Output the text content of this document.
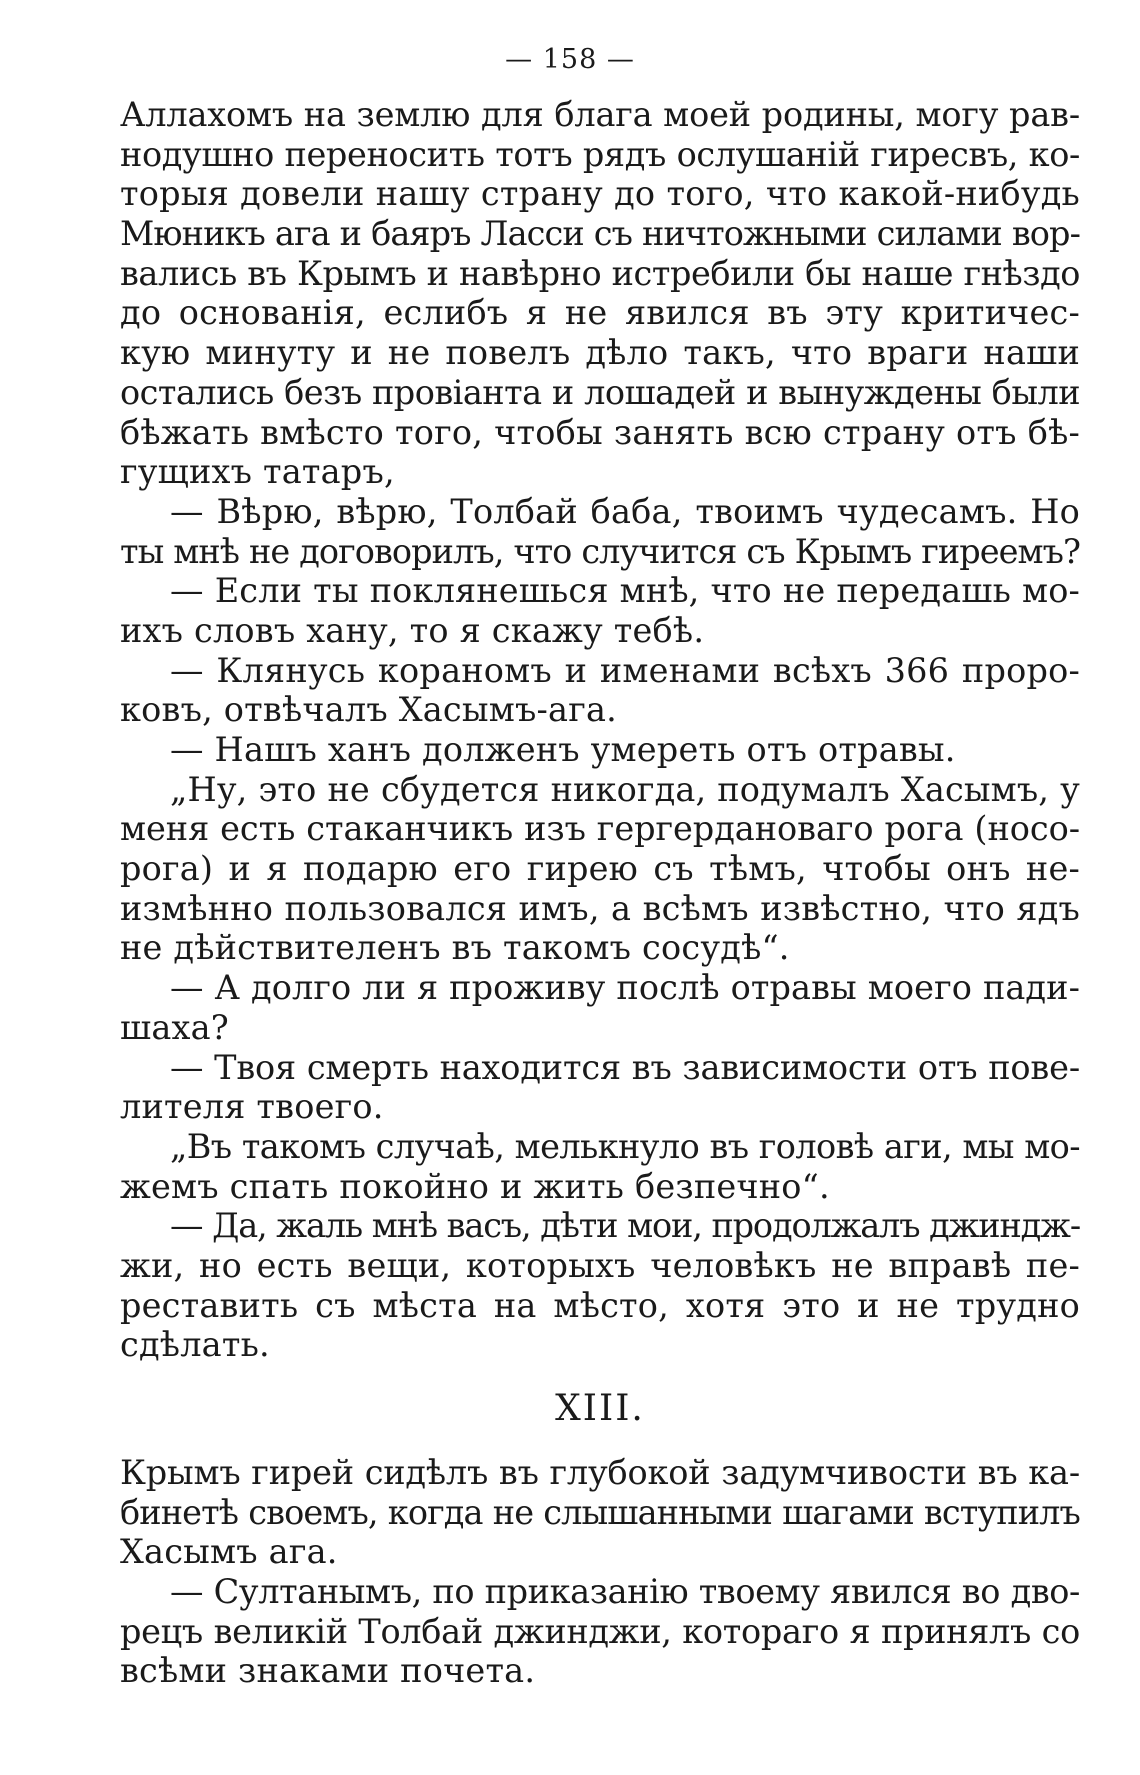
— 158 —
Аллахомъ на землю для блага моей родины, могу рав-
нодушно переносить тотъ рядъ ослушаній гиресвъ, ко-
торыя довели нашу страну до того, что какой-нибудь
Мюникъ ага и баяръ Ласси съ ничтожными силами вор-
вались въ Крымъ и навѣрно истребили бы наше гнѣздо
до основанія, еслибъ я не явился въ эту критичес-
кую минуту и не повелъ дѣло такъ, что враги наши
остались безъ провіанта и лошадей и вынуждены были
бѣжать вмѣсто того, чтобы занять всю страну отъ бѣ-
гущихъ татаръ,
— Вѣрю, вѣрю, Толбай баба, твоимъ чудесамъ. Но
ты мнѣ не договорилъ, что случится съ Крымъ гиреемъ?
— Если ты поклянешься мнѣ, что не передашь мо-
ихъ словъ хану, то я скажу тебѣ.
— Клянусь кораномъ и именами всѣхъ 366 проро-
ковъ, отвѣчалъ Хасымъ-ага.
— Нашъ ханъ долженъ умереть отъ отравы.
„Ну, это не сбудется никогда, подумалъ Хасымъ, у
меня есть стаканчикъ изъ гергердановаго рога (носо-
рога) и я подарю его гирею съ тѣмъ, чтобы онъ не-
измѣнно пользовался имъ, а всѣмъ извѣстно, что ядъ
не дѣйствителенъ въ такомъ сосудѣ“.
— А долго ли я проживу послѣ отравы моего пади-
шаха?
— Твоя смерть находится въ зависимости отъ пове-
лителя твоего.
„Въ такомъ случаѣ, мелькнуло въ головѣ аги, мы мо-
жемъ спать покойно и жить безпечно“.
— Да, жаль мнѣ васъ, дѣти мои, продолжалъ джиндж-
жи, но есть вещи, которыхъ человѣкъ не вправѣ пе-
реставить съ мѣста на мѣсто, хотя это и не трудно
сдѣлать.
XIII.
Крымъ гирей сидѣлъ въ глубокой задумчивости въ ка-
бинетѣ своемъ, когда не слышанными шагами вступилъ
Хасымъ ага.
— Султанымъ, по приказанію твоему явился во дво-
рецъ великій Толбай джинджи, котораго я принялъ со
всѣми знаками почета.
